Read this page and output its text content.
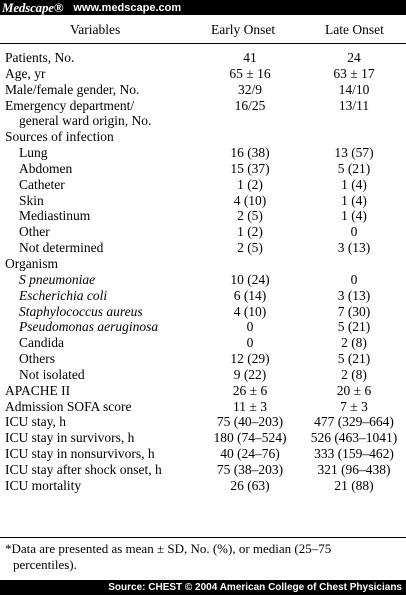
Medscape® www.medscape.com
Variables	Early Onset	Late Onset
Patients, No.	41	24
Age, yr	65 ± 16	63 ± 17
Male/female gender, No.	32/9	14/10
Emergency department/	16/25	13/11
general ward origin, No.
Sources of infection
Lung	16 (38)	13 (57)
Abdomen	15 (37)	5 (21)
Catheter	1 (2)	1 (4)
Skin	4 (10)	1 (4)
Mediastinum	2 (5)	1 (4)
Other	1 (2)	0
Not determined	2 (5)	3 (13)
Organism
S pneumoniae	10 (24)	0
Escherichia coli	6 (14)	3 (13)
Staphylococcus aureus	4 (10)	7 (30)
Pseudomonas aeruginosa	0	5 (21)
Candida	0	2 (8)
Others	12 (29)	5 (21)
Not isolated	9 (22)	2 (8)
APACHE II	26 ± 6	20 ± 6
Admission SOFA score	11 ± 3	7 ± 3
ICU stay, h	75 (40–203)	477 (329–664)
ICU stay in survivors, h	180 (74–524)	526 (463–1041)
ICU stay in nonsurvivors, h	40 (24–76)	333 (159–462)
ICU stay after shock onset, h	75 (38–203)	321 (96–438)
ICU mortality	26 (63)	21 (88)
*Data are presented as mean ± SD, No. (%), or median (25–75
percentiles).
Source: CHEST © 2004 American College of Chest Physicians
